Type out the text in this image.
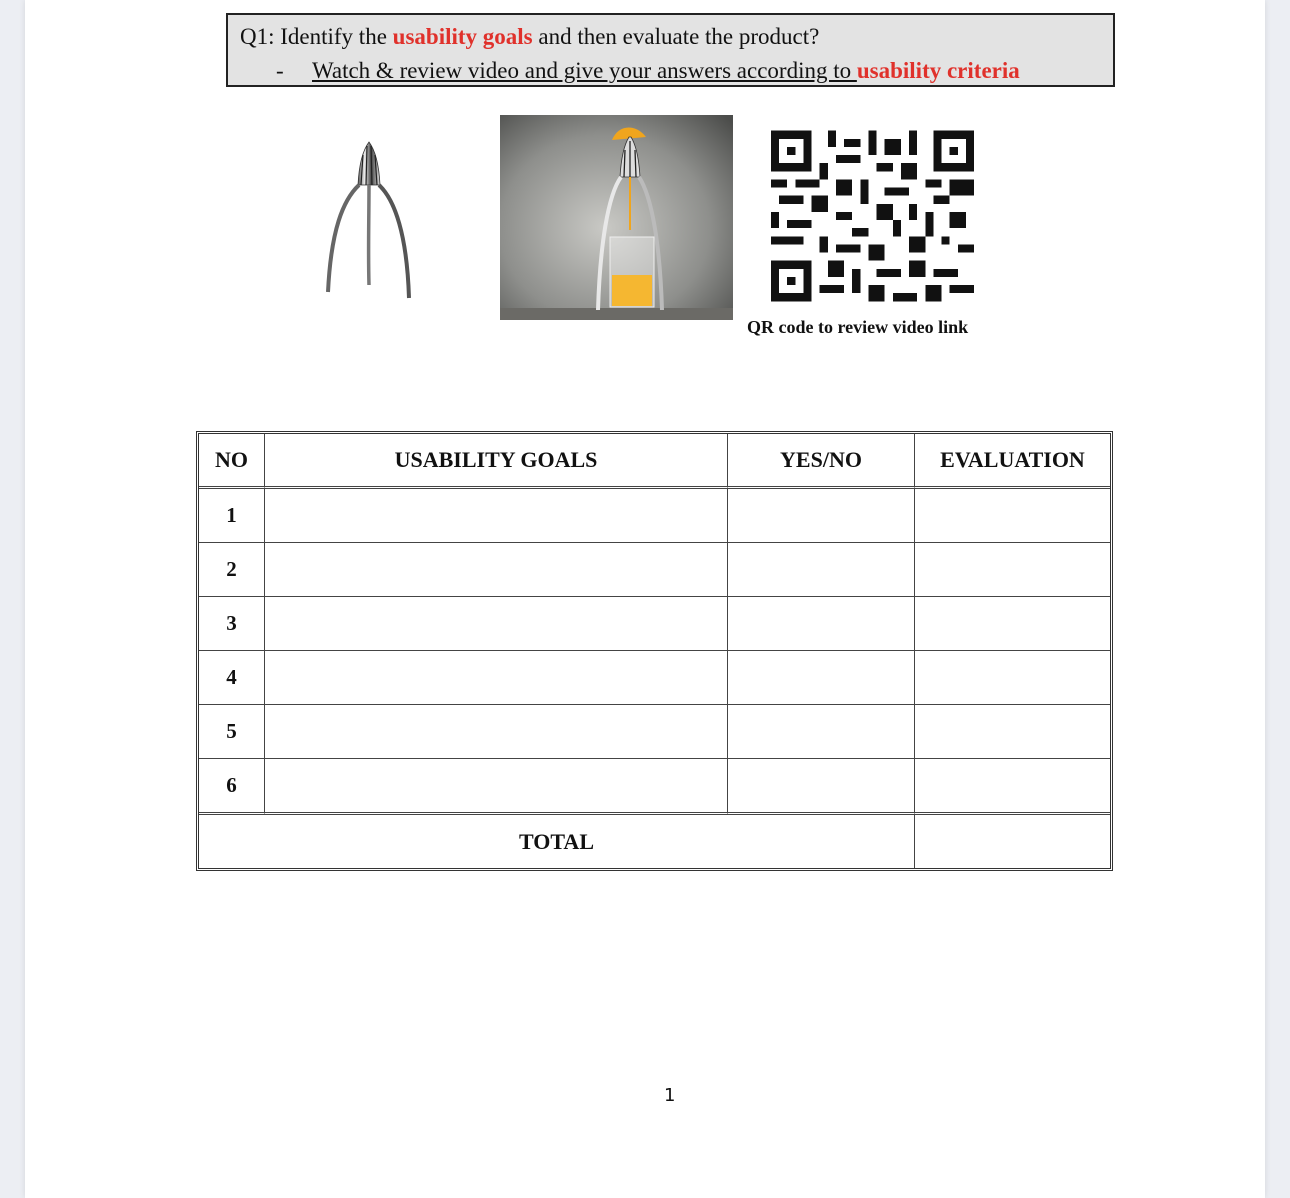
Q1: Identify the usability goals and then evaluate the product?
- Watch & review video and give your answers according to usability criteria
QR code to review video link
NO	USABILITY GOALS	YES/NO	EVALUATION
1			
2			
3			
4			
5			
6			
TOTAL			
1
